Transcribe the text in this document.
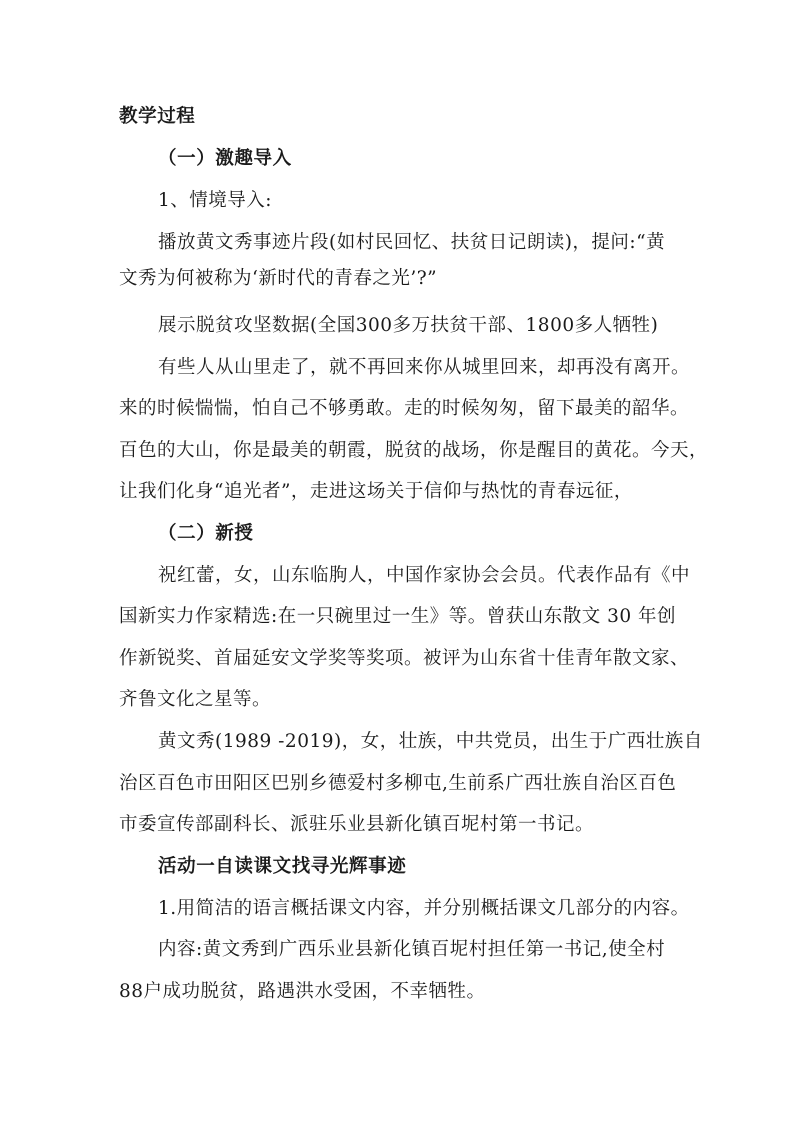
教学过程

（一）激趣导入

1、情境导入:

播放黄文秀事迹片段(如村民回忆、扶贫日记朗读)，提问:“黄

文秀为何被称为‘新时代的青春之光’?”

展示脱贫攻坚数据(全国300多万扶贫干部、1800多人牺牲)

有些人从山里走了，就不再回来你从城里回来，却再没有离开。

来的时候惴惴，怕自己不够勇敢。走的时候匆匆，留下最美的韶华。

百色的大山，你是最美的朝霞，脱贫的战场，你是醒目的黄花。今天，

让我们化身“追光者”，走进这场关于信仰与热忱的青春远征，

（二）新授

祝红蕾，女，山东临朐人，中国作家协会会员。代表作品有《中

国新实力作家精选:在一只碗里过一生》等。曾获山东散文 30 年创

作新锐奖、首届延安文学奖等奖项。被评为山东省十佳青年散文家、

齐鲁文化之星等。

黄文秀(1989 -2019)，女，壮族，中共党员，出生于广西壮族自

治区百色市田阳区巴别乡德爱村多柳屯,生前系广西壮族自治区百色

市委宣传部副科长、派驻乐业县新化镇百坭村第一书记。

活动一自读课文找寻光辉事迹

1.用简洁的语言概括课文内容，并分别概括课文几部分的内容。

内容:黄文秀到广西乐业县新化镇百坭村担任第一书记,使全村

88户成功脱贫，路遇洪水受困，不幸牺牲。
